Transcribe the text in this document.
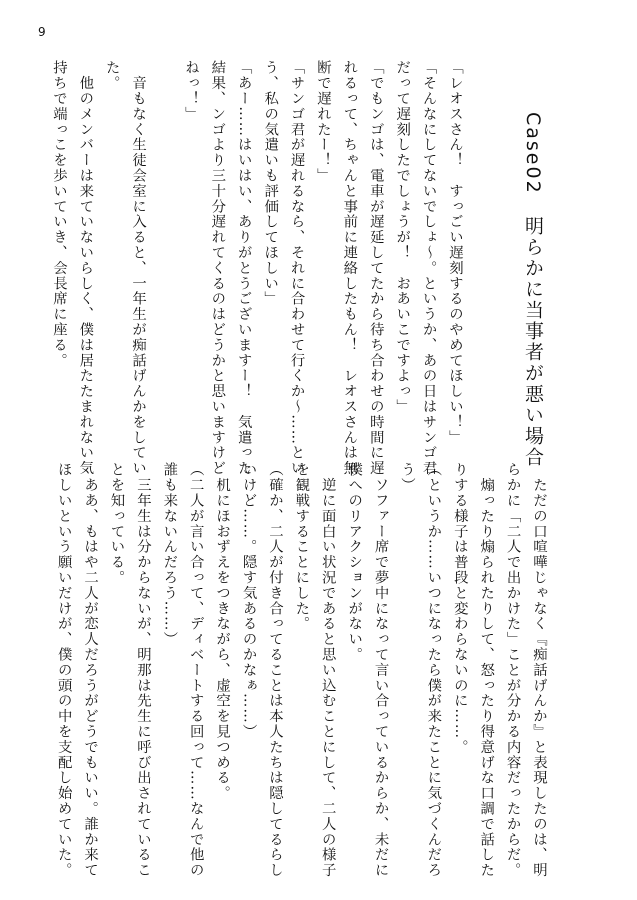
9
Case02　明らかに当事者が悪い場合
「レオスさん！　すっごい遅刻するのやめてほしい！」
「そんなにしてないでしょ〜。というか、あの日はサンゴ君
だって遅刻したでしょうが！　おあいこですよっ」
「でもンゴは、電車が遅延してたから待ち合わせの時間に遅
れるって、ちゃんと事前に連絡したもん！　レオスさんは無
断で遅れたー！」
「サンゴ君が遅れるなら、それに合わせて行くか〜……とい
う、私の気遣いも評価してほしい」
「あー……はいはい、ありがとうございますー！　気遣った
結果、ンゴより三十分遅れてくるのはどうかと思いますけど
ねっ！」

　音もなく生徒会室に入ると、一年生が痴話げんかをしてい
た。
　他のメンバーは来ていないらしく、僕は居たたまれない気
持ちで端っこを歩いていき、会長席に座る。
　ただの口喧嘩じゃなく『痴話げんか』と表現したのは、明
らかに「二人で出かけた」ことが分かる内容だったからだ。
　煽ったり煽られたりして、怒ったり得意げな口調で話した
りする様子は普段と変わらないのに……。
（というか……いつになったら僕が来たことに気づくんだろ
う）
　ソファー席で夢中になって言い合っているからか、未だに
僕へのリアクションがない。
　逆に面白い状況であると思い込むことにして、二人の様子
を観戦することにした。
（確か、二人が付き合ってることは本人たちは隠してるらし
いけど……。隠す気あるのかなぁ……）
　机にほおずえをつきながら、虚空を見つめる。
（二人が言い合って、ディベートする回って……なんで他の
誰も来ないんだろう……）
　三年生は分からないが、明那は先生に呼び出されているこ
とを知っている。
　ああ、もはや二人が恋人だろうがどうでもいい。誰か来て
ほしいという願いだけが、僕の頭の中を支配し始めていた。
